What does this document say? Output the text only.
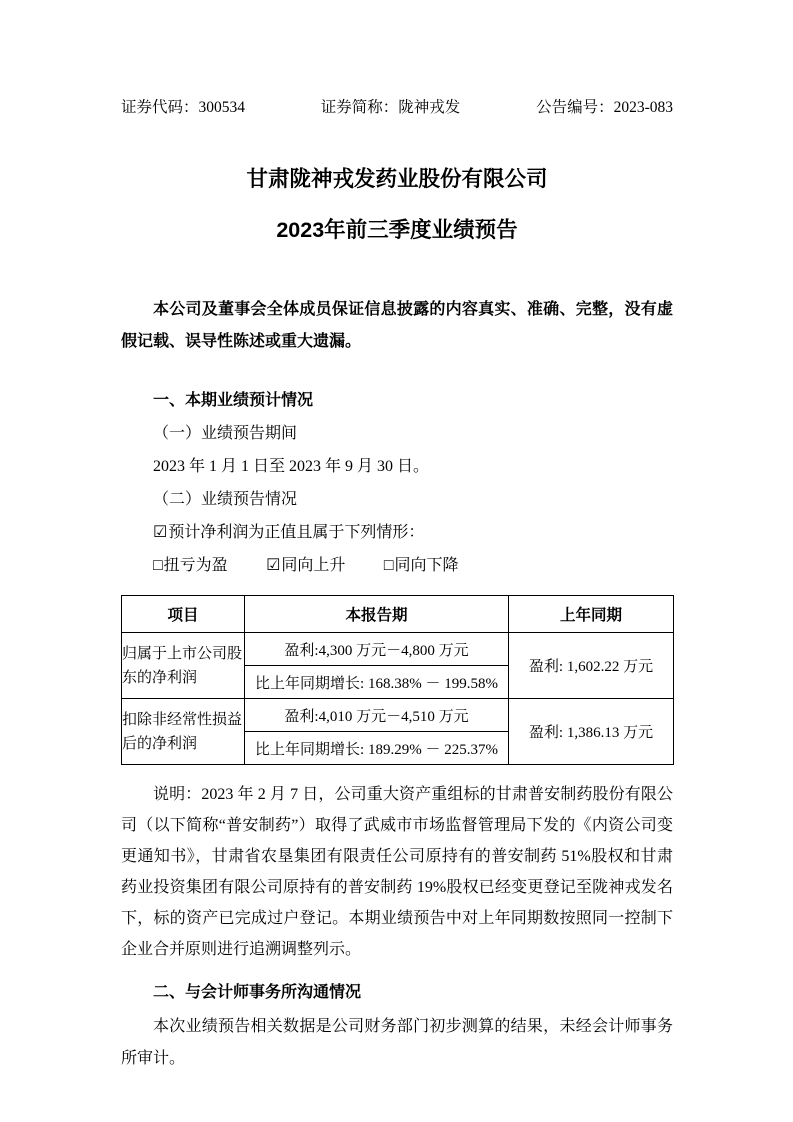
证券代码：300534	证券简称：陇神戎发	公告编号：2023-083
甘肃陇神戎发药业股份有限公司
2023年前三季度业绩预告

本公司及董事会全体成员保证信息披露的内容真实、准确、完整，没有虚假记载、误导性陈述或重大遗漏。

一、本期业绩预计情况

（一）业绩预告期间

2023 年 1 月 1 日至 2023 年 9 月 30 日。

（二）业绩预告情况

☑预计净利润为正值且属于下列情形：

□扭亏为盈 ☑同向上升 □同向下降

项目	本报告期	上年同期
归属于上市公司股东的净利润	盈利:4,300 万元－4,800 万元	盈利: 1,602.22 万元
	比上年同期增长: 168.38% － 199.58%	
扣除非经常性损益后的净利润	盈利:4,010 万元－4,510 万元	盈利: 1,386.13 万元
	比上年同期增长: 189.29% － 225.37%	

说明：2023 年 2 月 7 日，公司重大资产重组标的甘肃普安制药股份有限公司（以下简称“普安制药”）取得了武威市市场监督管理局下发的《内资公司变更通知书》，甘肃省农垦集团有限责任公司原持有的普安制药 51%股权和甘肃药业投资集团有限公司原持有的普安制药 19%股权已经变更登记至陇神戎发名下，标的资产已完成过户登记。本期业绩预告中对上年同期数按照同一控制下企业合并原则进行追溯调整列示。

二、与会计师事务所沟通情况

本次业绩预告相关数据是公司财务部门初步测算的结果，未经会计师事务所审计。
